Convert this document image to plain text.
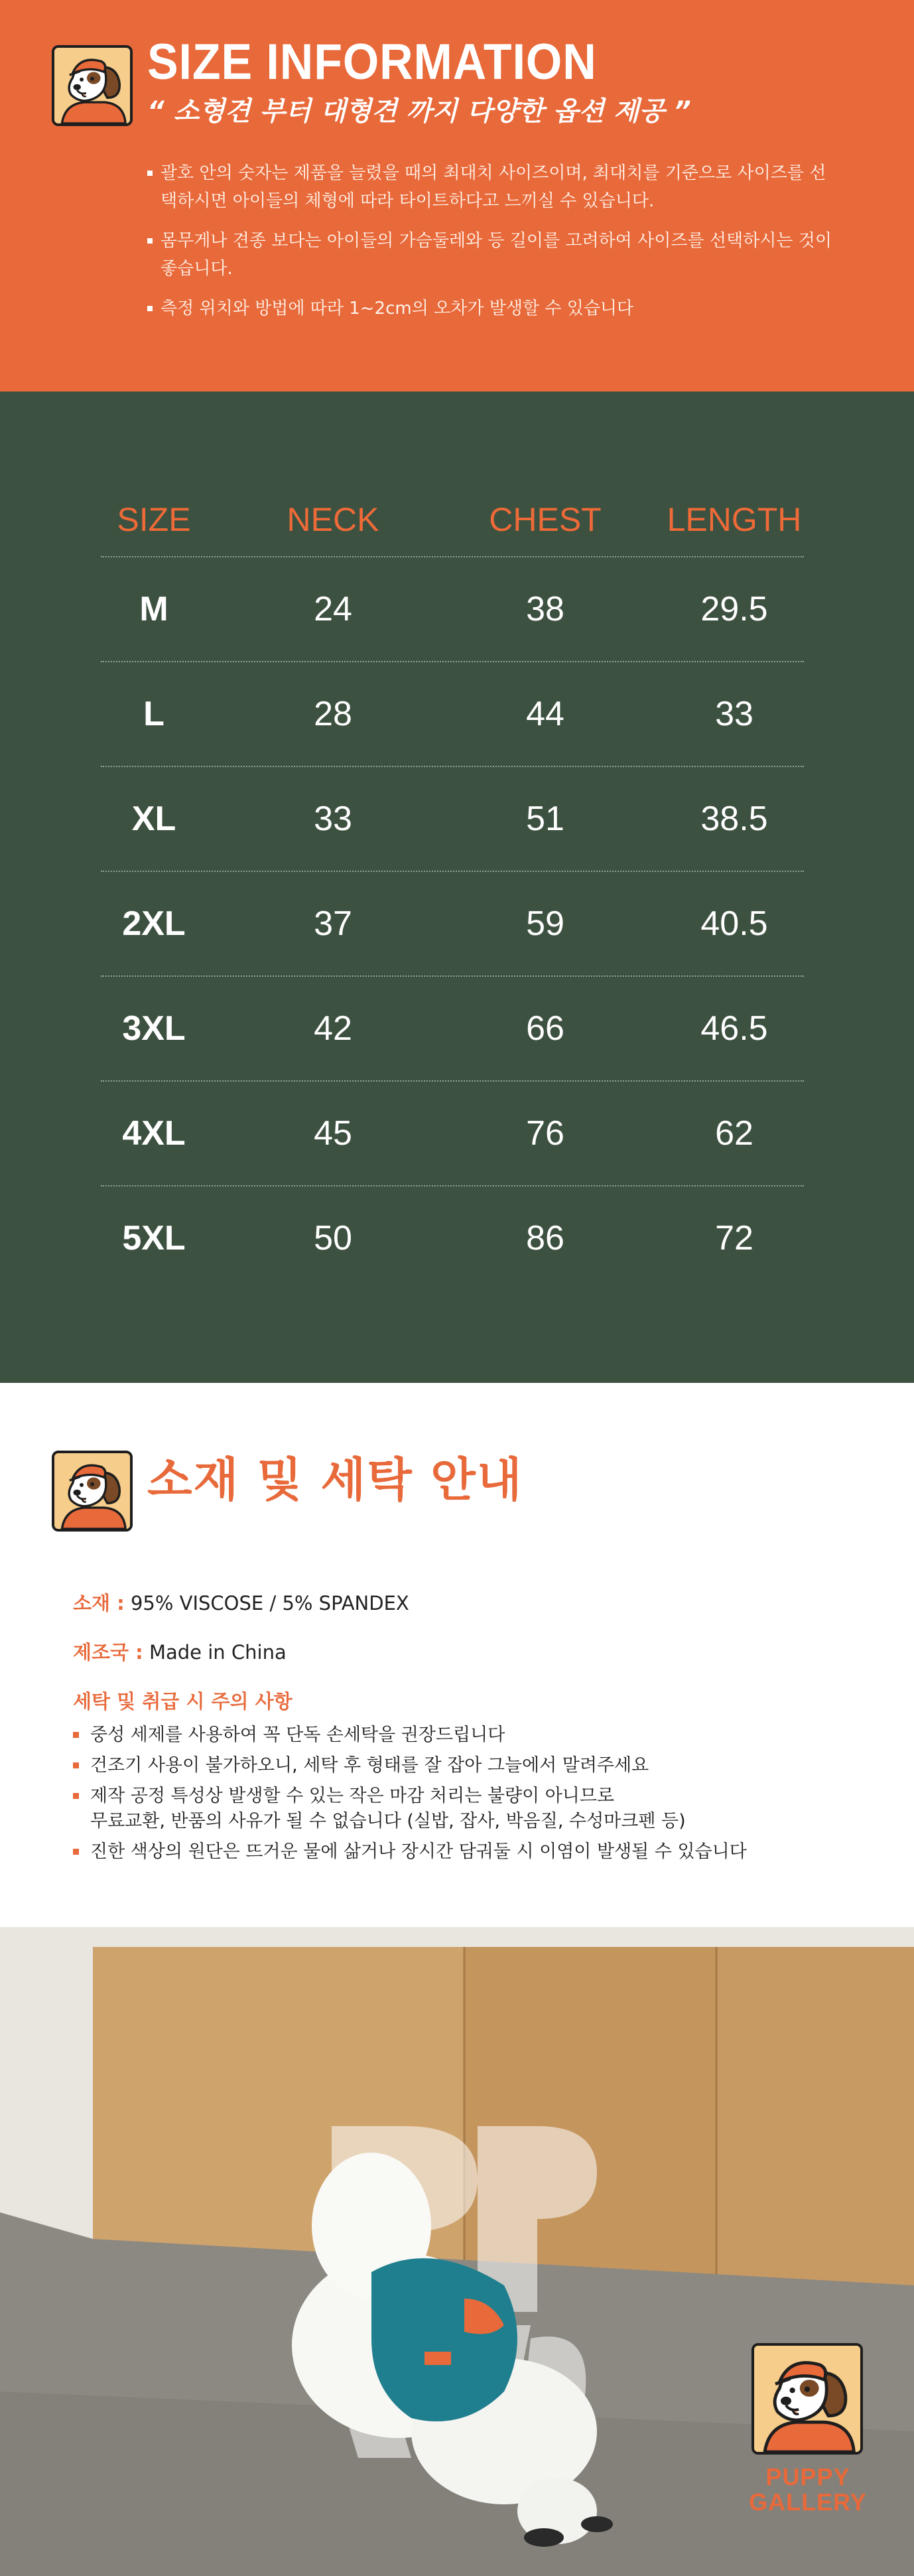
SIZE INFORMATION
“ 소형견 부터 대형견 까지 다양한 옵션 제공 ”
괄호 안의 숫자는 제품을 늘렸을 때의 최대치 사이즈이며, 최대치를 기준으로 사이즈를 선택하시면 아이들의 체형에 따라 타이트하다고 느끼실 수 있습니다.
몸무게나 견종 보다는 아이들의 가슴둘레와 등 길이를 고려하여 사이즈를 선택하시는 것이 좋습니다.
측정 위치와 방법에 따라 1~2cm의 오차가 발생할 수 있습니다
SIZE	NECK	CHEST	LENGTH
M	24	38	29.5
L	28	44	33
XL	33	51	38.5
2XL	37	59	40.5
3XL	42	66	46.5
4XL	45	76	62
5XL	50	86	72
소재 및 세탁 안내
소재 : 95% VISCOSE / 5% SPANDEX
제조국 : Made in China
세탁 및 취급 시 주의 사항
중성 세제를 사용하여 꼭 단독 손세탁을 권장드립니다
건조기 사용이 불가하오니, 세탁 후 형태를 잘 잡아 그늘에서 말려주세요
제작 공정 특성상 발생할 수 있는 작은 마감 처리는 불량이 아니므로
무료교환, 반품의 사유가 될 수 없습니다 (실밥, 잡사, 박음질, 수성마크펜 등)
진한 색상의 원단은 뜨거운 물에 삶거나 장시간 담궈둘 시 이염이 발생될 수 있습니다
PUPPY
GALLERY
